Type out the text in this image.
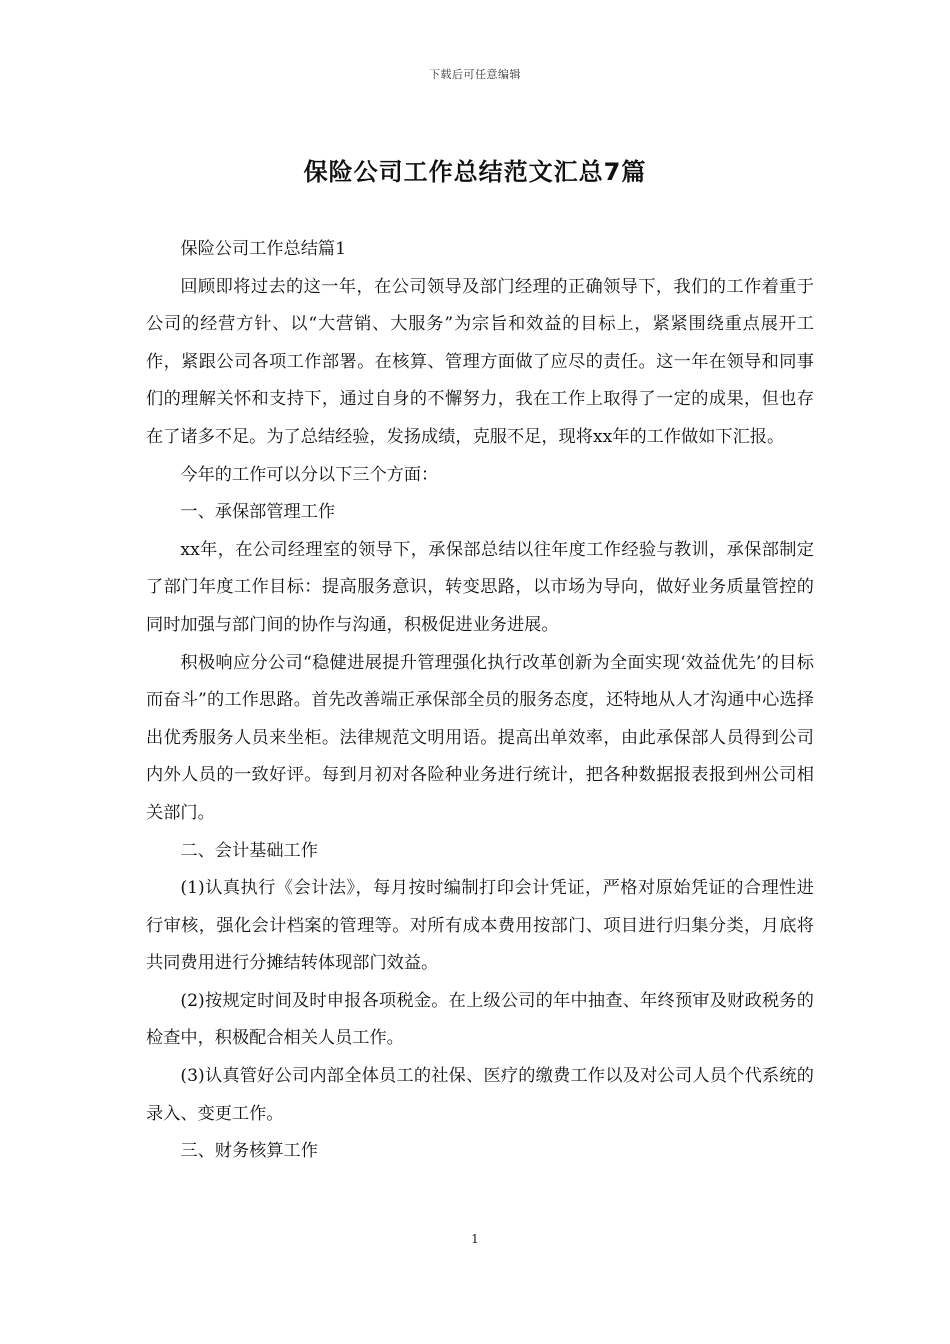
下载后可任意编辑
保险公司工作总结范文汇总7篇

保险公司工作总结篇1

回顾即将过去的这一年，在公司领导及部门经理的正确领导下，我们的工作着重于公司的经营方针、以“大营销、大服务”为宗旨和效益的目标上，紧紧围绕重点展开工作，紧跟公司各项工作部署。在核算、管理方面做了应尽的责任。这一年在领导和同事们的理解关怀和支持下，通过自身的不懈努力，我在工作上取得了一定的成果，但也存在了诸多不足。为了总结经验，发扬成绩，克服不足，现将xx年的工作做如下汇报。

今年的工作可以分以下三个方面：

一、承保部管理工作

xx年，在公司经理室的领导下，承保部总结以往年度工作经验与教训，承保部制定了部门年度工作目标：提高服务意识，转变思路，以市场为导向，做好业务质量管控的同时加强与部门间的协作与沟通，积极促进业务进展。

积极响应分公司“稳健进展提升管理强化执行改革创新为全面实现‘效益优先’的目标而奋斗”的工作思路。首先改善端正承保部全员的服务态度，还特地从人才沟通中心选择出优秀服务人员来坐柜。法律规范文明用语。提高出单效率，由此承保部人员得到公司内外人员的一致好评。每到月初对各险种业务进行统计，把各种数据报表报到州公司相关部门。

二、会计基础工作

(1)认真执行《会计法》，每月按时编制打印会计凭证，严格对原始凭证的合理性进行审核，强化会计档案的管理等。对所有成本费用按部门、项目进行归集分类，月底将共同费用进行分摊结转体现部门效益。

(2)按规定时间及时申报各项税金。在上级公司的年中抽查、年终预审及财政税务的检查中，积极配合相关人员工作。

(3)认真管好公司内部全体员工的社保、医疗的缴费工作以及对公司人员个代系统的录入、变更工作。

三、财务核算工作

1
